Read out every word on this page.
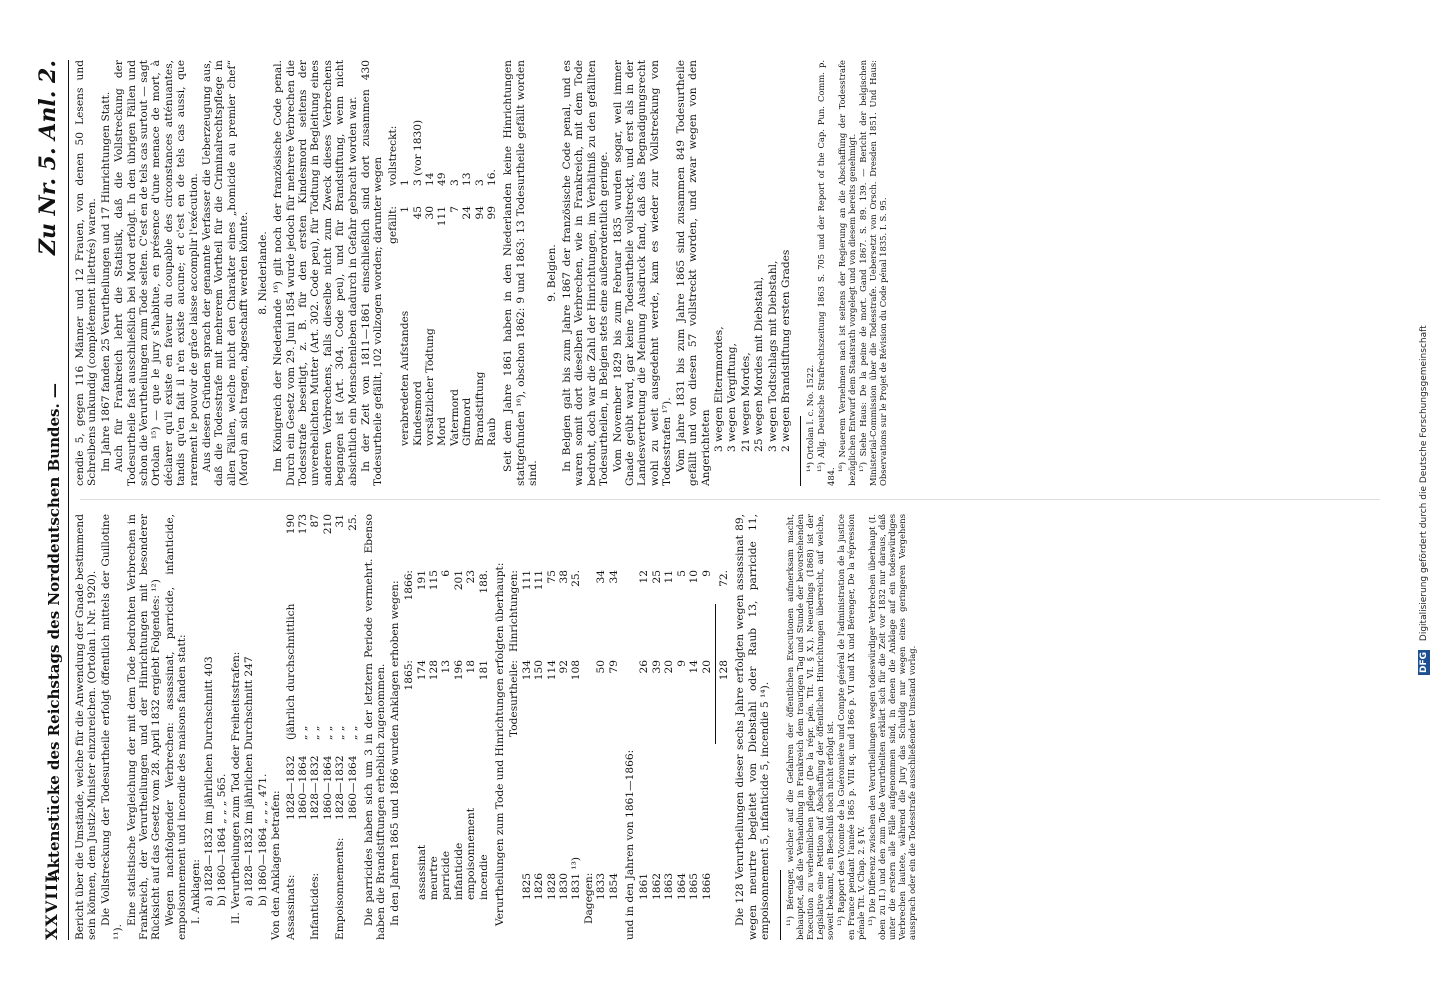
XXVIII
Aktenstücke des Reichstags des Norddeutschen Bundes. —
Zu Nr. 5. Anl. 2.

Bericht über die Umstände, welche für die Anwendung der Gnade bestimmend sein können, dem Justiz-Minister einzureichen. (Ortolan l. Nr. 1920). Die Vollstreckung der Todesurtheile erfolgt öffentlich mittels der Guillotine ¹¹).

Eine statistische Vergleichung der mit dem Tode bedrohten Verbrechen in Frankreich, der Verurtheilungen und der Hinrichtungen mit besonderer Rücksicht auf das Gesetz vom 28. April 1832 ergiebt Folgendes: ¹²) Wegen nachfolgender Verbrechen: assassinat, parricide, infanticide, empoisonnement und incendie des maisons fanden statt: I. Anklagen: a) 1828—1832 im jährlichen Durchschnitt 403 b) 1860—1864 „ „ „ 565. II. Verurtheilungen zum Tod oder Freiheitsstrafen: a) 1828—1832 im jährlichen Durchschnitt 247 b) 1860—1864 „ „ „ 471. Von den Anklagen betrafen: Assassinats:
1828—1832
(jährlich durchschnittlich
190
1860—1864
„ „
173
Infanticides:
1828—1832
„ „
87
1860—1864
„ „
210
Empoisonnements:
1828—1832
„ „
31
1860—1864
„ „
25. Die parricides haben sich um 3 in der letztern Periode vermehrt. Ebenso haben die Brandstiftungen erheblich zugenommen. In den Jahren 1865 und 1866 wurden Anklagen erhoben wegen: 1865:
1866:
assassinat
174
191
meurtre
128
115
parricide
13
6
infanticide
196
201
empoisonnement
18
23
incendie
181
188. Verurtheilungen zum Tode und Hinrichtungen erfolgten überhaupt: Todesurtheile:
Hinrichtungen:
1825
134
111
1826
150
111
1828
114
75
1830
92
38
1831 ¹³)
108
25.
Dagegen: 1833
50
34
1854
79
34

und in den Jahren von 1861—1866: 1861
26
12
1862
39
25
1863
20
11
1864
9
5
1865
14
10
1866
20
9
128
72. Die 128 Verurtheilungen dieser sechs Jahre erfolgten wegen assassinat 89, wegen meurtre begleitet von Diebstahl oder Raub 13, parricide 11, empoisonnement 5, infanticide 5, incendie 5 ¹⁴). ¹¹) Bérenger, welcher auf die Gefahren der öffentlichen Executionen aufmerksam macht, behauptet, daß die Verhandlung in Frankreich dem traurigen Tag und Stunde der bevorstehenden Execution zu verheimlichen pflege (De la répr. pén. Tit. VI. § X.). Neuerdings (1868) ist der Legislative eine Petition auf Abschaffung der öffentlichen Hinrichtungen überreicht, auf welche, soweit bekannt, ein Beschluß noch nicht erfolgt ist. ¹²) Rapport des Vicomte de la Guéronnière und Compte général de l'administration de la justice en France pendant l'année 1865 p. VIII sq. und 1866 p. VI und IX und Bérenger, De la répression pénale Tit. V. Chap. 2. § IV. ¹³) Die Differenz zwischen den Verurtheilungen wegen todeswürdiger Verbrechen überhaupt (I. oben zu II.) und den zum Tode Verurtheilten erklärt sich für die Zeit vor 1832 nur daraus, daß unter die erstern alle Fälle aufgenommen sind, in denen die Anklage auf ein todeswürdiges Verbrechen lautete, während die Jury das Schuldig nur wegen eines geringeren Vergehens aussprach oder ein die Todesstrafe ausschließender Umstand vorlag.

cendie 5, gegen 116 Männer und 12 Frauen, von denen 50 Lesens und Schreibens unkundig (complétement illettrés) waren. Im Jahre 1867 fanden 25 Verurtheilungen und 17 Hinrichtungen Statt. Auch für Frankreich lehrt die Statistik, daß die Vollstreckung der Todesurtheile fast ausschließlich bei Mord erfolgt. In den übrigen Fällen und schon die Verurtheilungen zum Tode selten. C'est en de tels cas surtout — sagt Ortolan ¹⁵) — que le jury s'habitue, en présence d'une menace de mort, à déclarer qu'il existe en faveur du coupable des circonstances atténuantes, tandis qu'en fait il n'en existe aucune; et c'est en de tels cas aussi, que rarement le pouvoir de grâce laisse accomplir l'exécution. Aus diesen Gründen sprach der genannte Verfasser die Ueberzeugung aus, daß die Todesstrafe mit mehrerem Vortheil für die Criminalrechtspflege in allen Fällen, welche nicht den Charakter eines „homicide au premier chef“ (Mord) an sich tragen, abgeschafft werden könnte. 8. Niederlande. Im Königreich der Niederlande ¹⁶) gilt noch der französische Code penal. Durch ein Gesetz vom 29. Juni 1854 wurde jedoch für mehrere Verbrechen die Todesstrafe beseitigt, z. B. für den ersten Kindesmord seitens der unverehelichten Mutter (Art. 302. Code peu), für Tödtung in Begleitung eines anderen Verbrechens, falls dieselbe nicht zum Zweck dieses Verbrechens begangen ist (Art. 304. Code peu), und für Brandstiftung, wenn nicht absichtlich ein Menschenleben dadurch in Gefahr gebracht worden war. In der Zeit von 1811—1861 einschließlich sind dort zusammen 430 Todesurtheile gefällt, 102 vollzogen worden; darunter wegen gefällt:
vollstreckt:
verabredeten Aufstandes
1
1
Kindesmord
45
3 (vor 1830)
vorsätzlicher Tödtung
30
14
Mord
111
49
Vatermord
7
3
Giftmord
24
13
Brandstiftung
94
3
Raub
99
16. Seit dem Jahre 1861 haben in den Niederlanden keine Hinrichtungen stattgefunden ¹⁶), obschon 1862: 9 und 1863: 13 Todesurtheile gefällt worden sind.

9. Belgien. In Belgien galt bis zum Jahre 1867 der französische Code penal, und es waren somit dort dieselben Verbrechen, wie in Frankreich, mit dem Tode bedroht, doch war die Zahl der Hinrichtungen, im Verhältniß zu den gefällten Todesurtheilen, in Belgien stets eine außerordentlich geringe. Vom November 1829 bis zum Februar 1835 wurden sogar, weil immer Gnade geübt ward, gar keine Todesurtheile vollstreckt, und erst als in der Landesvertretung die Meinung Ausdruck fand, daß das Begnadigungsrecht wohl zu weit ausgedehnt werde, kam es wieder zur Vollstreckung von Todesstrafen ¹⁷). Vom Jahre 1831 bis zum Jahre 1865 sind zusammen 849 Todesurtheile gefällt und von diesen 57 vollstreckt worden, und zwar wegen von den Angerichteten 3 wegen Elternmordes, 3 wegen Vergiftung, 21 wegen Mordes, 25 wegen Mordes mit Diebstahl, 3 wegen Todtschlags mit Diebstahl, 2 wegen Brandstiftung ersten Grades ¹⁴) Ortolan l. c. No. 1522. ¹⁵) Allg. Deutsche Strafrechtszeitung 1863 S. 705 und der Report of the Cap. Pun. Comm. p. 484.

¹⁶) Neuerem Vernehmen nach ist seitens der Regierung an die Abschaffung der Todesstrafe bezüglichen Entwurf dem Staatsrath vorgelegt und von diesem bereits genehmigt. ¹⁷) Siehe Haus: De la peine de mort. Gand 1867. S. 89. 139. — Bericht der belgischen Ministerial-Commission über die Todesstrafe. Uebersetzt von Orsch. Dresden 1851. Und Haus: Observations sur le Projet de Révision du Code pénal 1835. I. S. 95.

DFG Digitalisierung gefördert durch die Deutsche Forschungsgemeinschaft
